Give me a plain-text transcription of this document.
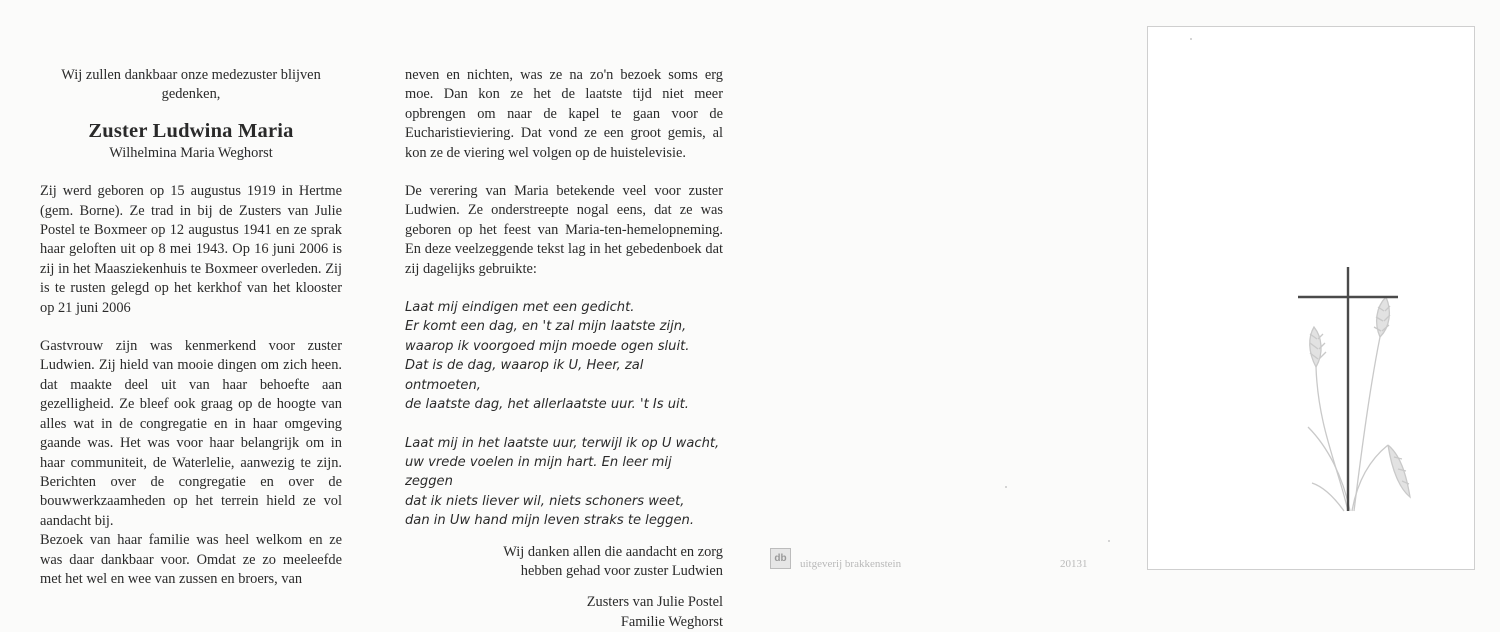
Wij zullen dankbaar onze medezuster blijven gedenken,

Zuster Ludwina Maria

Wilhelmina Maria Weghorst

Zij werd geboren op 15 augustus 1919 in Hertme (gem. Borne). Ze trad in bij de Zusters van Julie Postel te Boxmeer op 12 augustus 1941 en ze sprak haar geloften uit op 8 mei 1943. Op 16 juni 2006 is zij in het Maasziekenhuis te Boxmeer overleden. Zij is te rusten gelegd op het kerkhof van het klooster op 21 juni 2006

Gastvrouw zijn was kenmerkend voor zuster Ludwien. Zij hield van mooie dingen om zich heen. dat maakte deel uit van haar behoefte aan gezelligheid. Ze bleef ook graag op de hoogte van alles wat in de congregatie en in haar omgeving gaande was. Het was voor haar belangrijk om in haar communiteit, de Waterlelie, aanwezig te zijn. Berichten over de congregatie en over de bouwwerkzaamheden op het terrein hield ze vol aandacht bij.

Bezoek van haar familie was heel welkom en ze was daar dankbaar voor. Omdat ze zo meeleefde met het wel en wee van zussen en broers, van

neven en nichten, was ze na zo'n bezoek soms erg moe. Dan kon ze het de laatste tijd niet meer opbrengen om naar de kapel te gaan voor de Eucharistieviering. Dat vond ze een groot gemis, al kon ze de viering wel volgen op de huistelevisie.

De verering van Maria betekende veel voor zuster Ludwien. Ze onderstreepte nogal eens, dat ze was geboren op het feest van Maria-ten-hemelopneming. En deze veelzeggende tekst lag in het gebedenboek dat zij dagelijks gebruikte:

Laat mij eindigen met een gedicht.
Er komt een dag, en 't zal mijn laatste zijn,
waarop ik voorgoed mijn moede ogen sluit.
Dat is de dag, waarop ik U, Heer, zal ontmoeten,
de laatste dag, het allerlaatste uur. 't Is uit.
Laat mij in het laatste uur, terwijl ik op U wacht,
uw vrede voelen in mijn hart. En leer mij zeggen
dat ik niets liever wil, niets schoners weet,
dan in Uw hand mijn leven straks te leggen.
Wij danken allen die aandacht en zorg
hebben gehad voor zuster Ludwien
Zusters van Julie Postel
Familie Weghorst
db	uitgeverij brakkenstein	20131
